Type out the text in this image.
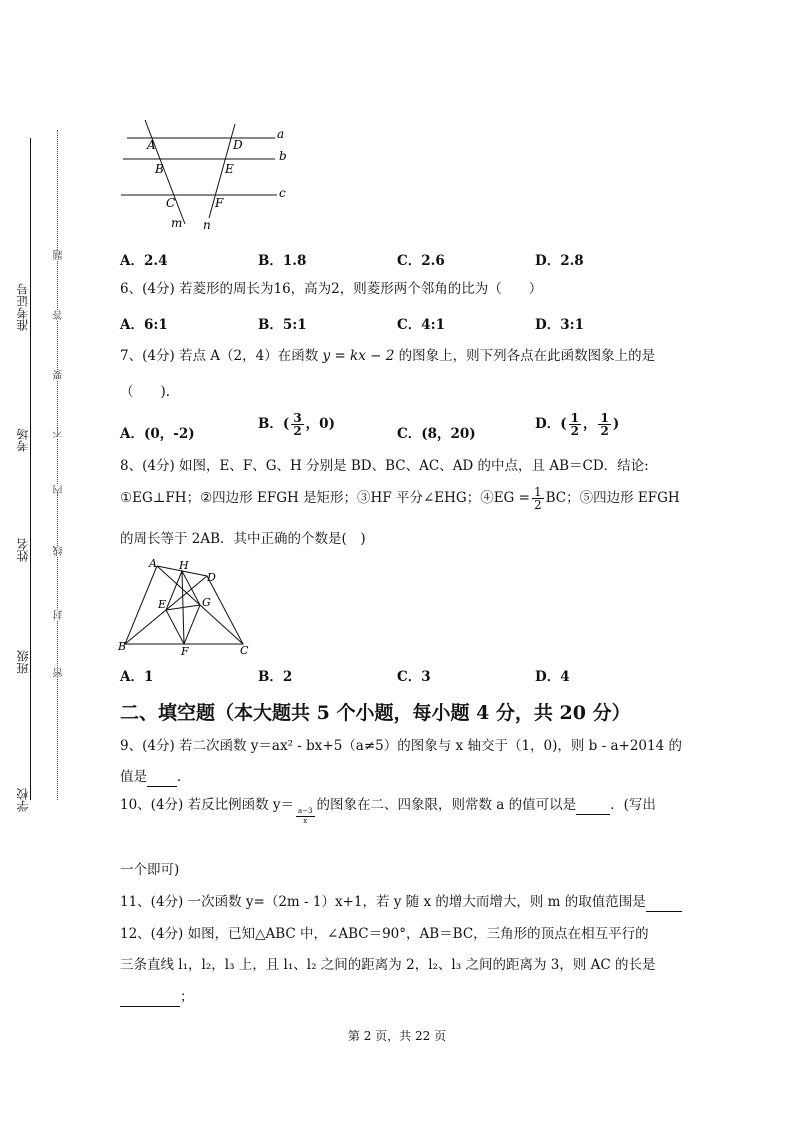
学校
班级
姓名
考场
准考证号
密
封
线
内
不
要
答
题
a
b
c
A
B
C
D
E
F
m n
A．2.4	B．1.8	C．2.6	D．2.8
6、(4分) 若菱形的周长为16，高为2，则菱形两个邻角的比为（　　）
A．6:1	B．5:1	C．4:1	D．3:1
7、(4分) 若点 A（2，4）在函数 y = kx − 2 的图象上，则下列各点在此函数图象上的是
（　　).
A．(0，-2)
B．( $\frac{3}{2}$ ，0)
C．(8，20)
D．( $\frac{1}{2}$ ， $\frac{1}{2}$ )
8、(4分) 如图，E、F、G、H 分别是 BD、BC、AC、AD 的中点，且 AB＝CD．结论:
①EG⊥FH；②四边形 EFGH 是矩形；③HF 平分∠EHG；④EG = $\frac{1}{2}$ BC；⑤四边形 EFGH
的周长等于 2AB．其中正确的个数是(　)
A H
D
E	G
B	F	C
A．1	B．2	C．3	D．4
二、填空题（本大题共 5 个小题，每小题 4 分，共 20 分）
9、(4分) 若二次函数 y＝ax² - bx+5（a≠5）的图象与 x 轴交于（1，0)，则 b - a+2014 的
值是 ．
10、(4分) 若反比例函数 y＝
$\frac{a-3}{x}$
的图象在二、四象限，则常数 a 的值可以是	．(写出
一个即可)
11、(4分) 一次函数 y=（2m - 1）x+1，若 y 随 x 的增大而增大，则 m 的取值范围是
12、(4分) 如图，已知△ABC 中，∠ABC＝90°，AB＝BC，三角形的顶点在相互平行的
三条直线 l₁，l₂，l₃ 上，且 l₁、l₂ 之间的距离为 2，l₂、l₃ 之间的距离为 3，则 AC 的长是
；
第 2 页，共 22 页
